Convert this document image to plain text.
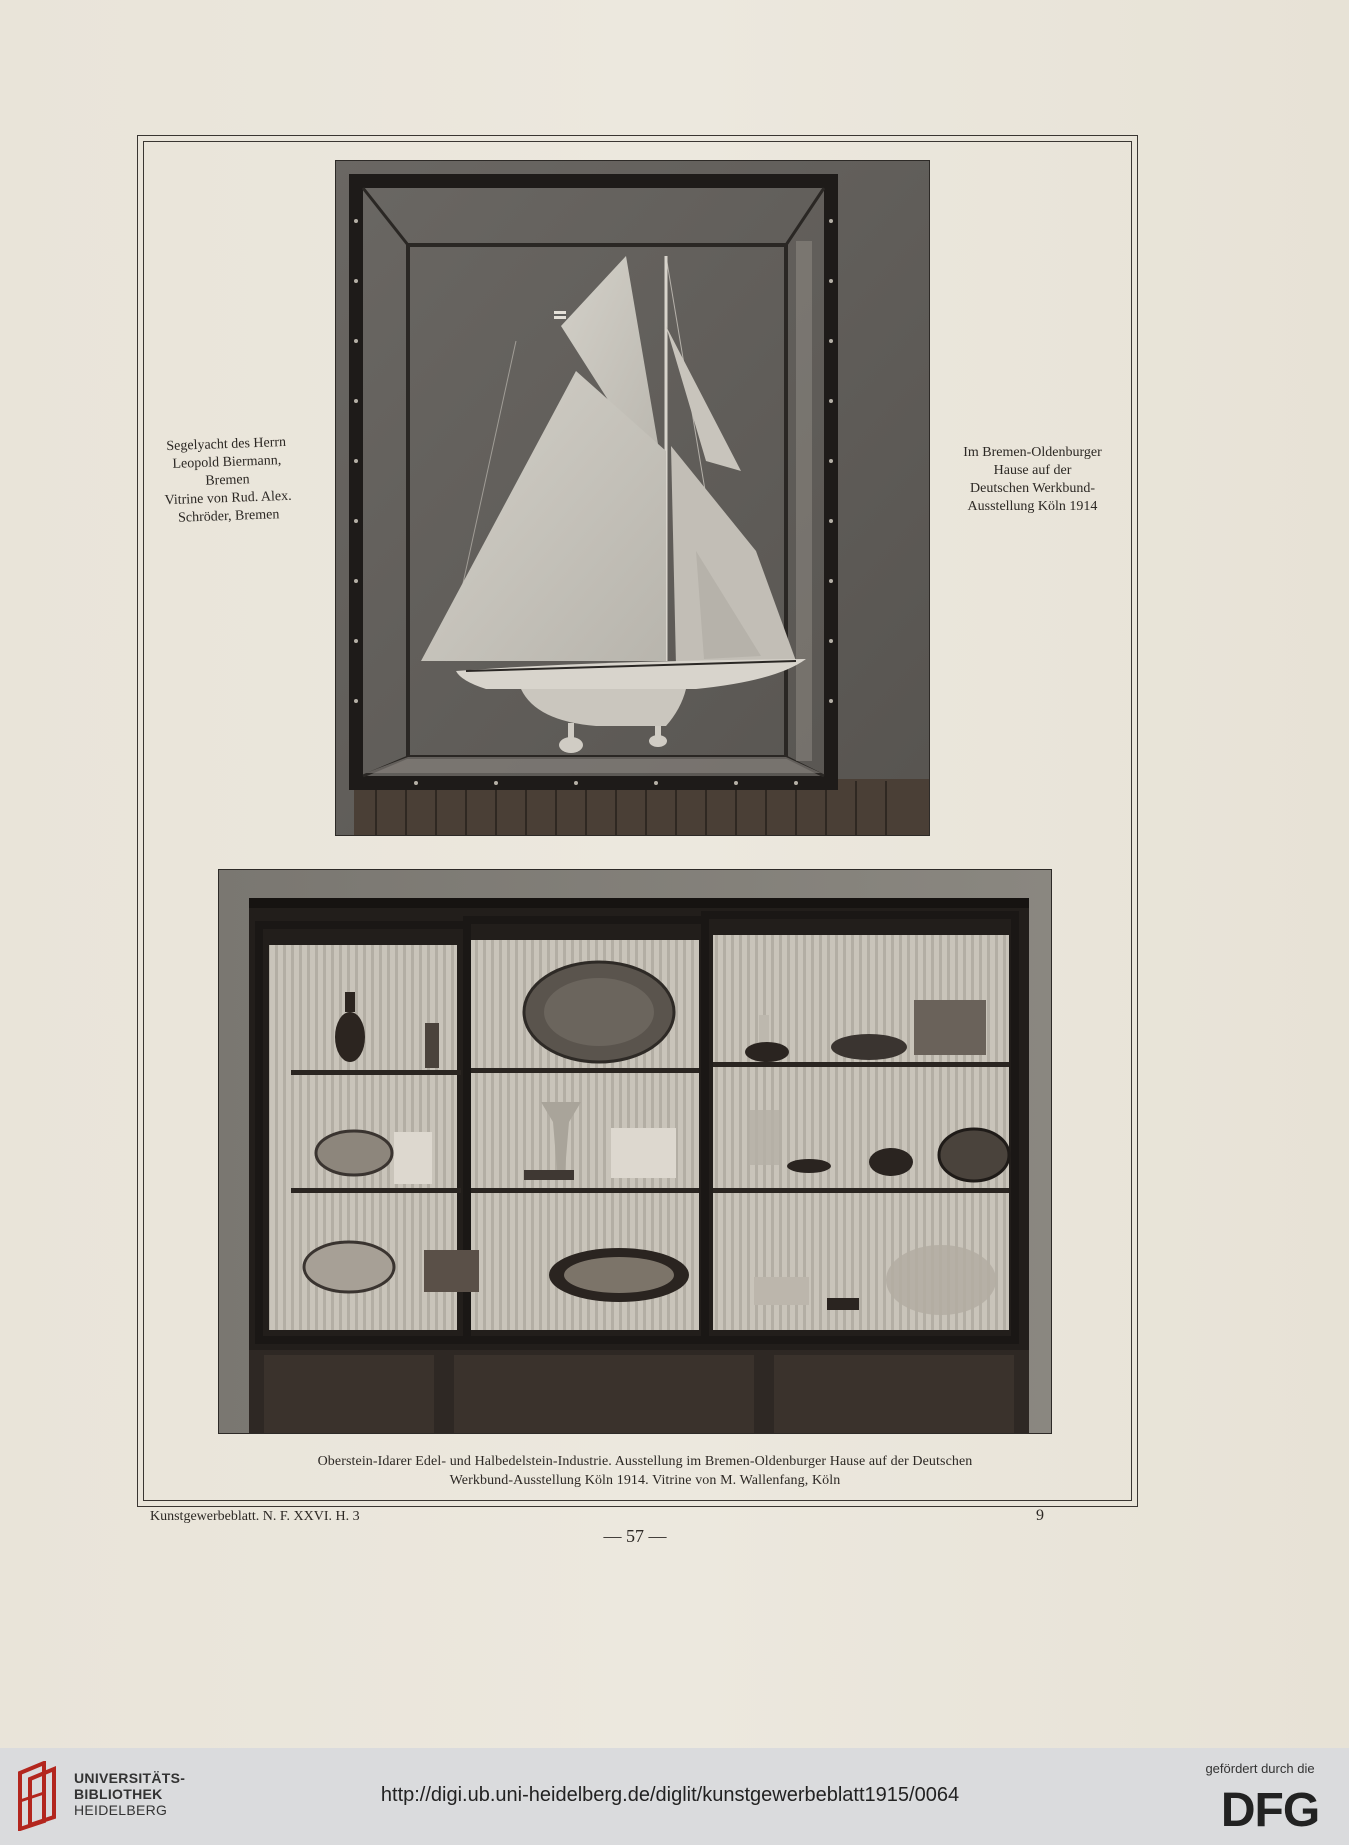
Segelyacht des Herrn
Leopold Biermann,
Bremen
Vitrine von Rud. Alex.
Schröder, Bremen
Im Bremen-Oldenburger
Hause auf der
Deutschen Werkbund-
Ausstellung Köln 1914
Oberstein-Idarer Edel- und Halbedelstein-Industrie. Ausstellung im Bremen-Oldenburger Hause auf der Deutschen
Werkbund-Ausstellung Köln 1914. Vitrine von M. Wallenfang, Köln
Kunstgewerbeblatt. N. F. XXVI. H. 3	9
— 57 —
UNIVERSITÄTS-
BIBLIOTHEK
HEIDELBERG
http://digi.ub.uni-heidelberg.de/diglit/kunstgewerbeblatt1915/0064
gefördert durch die
DFG
